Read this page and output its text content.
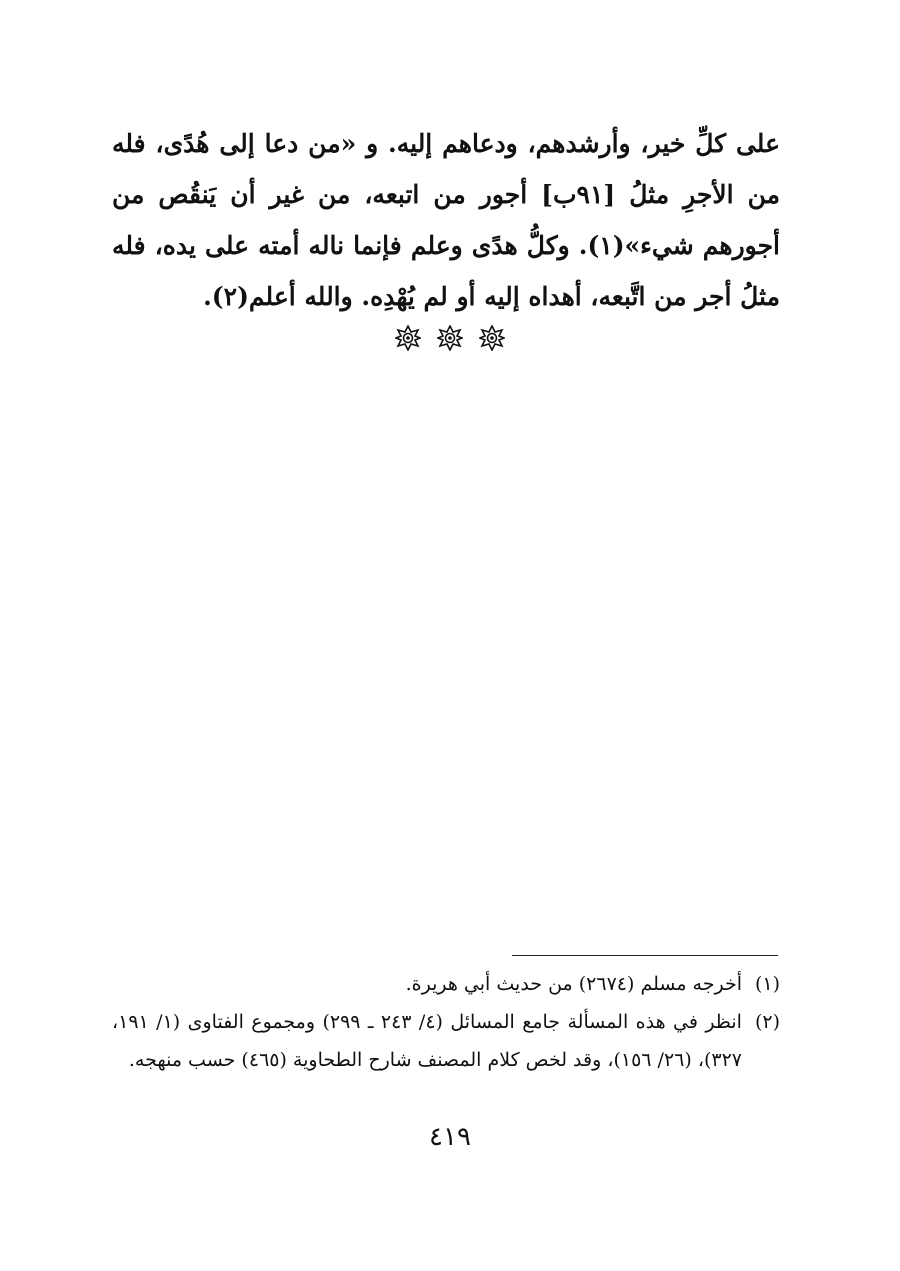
على كلِّ خير، وأرشدهم، ودعاهم إليه. و «من دعا إلى هُدًى، فله من الأجرِ مثلُ [٩١ب] أجور من اتبعه، من غير أن يَنقُص من أجورهم شيء»(١). وكلُّ هدًى وعلم فإنما ناله أمته على يده، فله مثلُ أجر من اتَّبعه، أهداه إليه أو لم يُهْدِه. والله أعلم(٢).

(١)
أخرجه مسلم (٢٦٧٤) من حديث أبي هريرة.
(٢)
انظر في هذه المسألة جامع المسائل (٤/ ٢٤٣ ـ ٢٩٩) ومجموع الفتاوى (١/ ١٩١، ٣٢٧)، (٢٦/ ١٥٦)، وقد لخص كلام المصنف شارح الطحاوية (٤٦٥) حسب منهجه.
٤١٩
